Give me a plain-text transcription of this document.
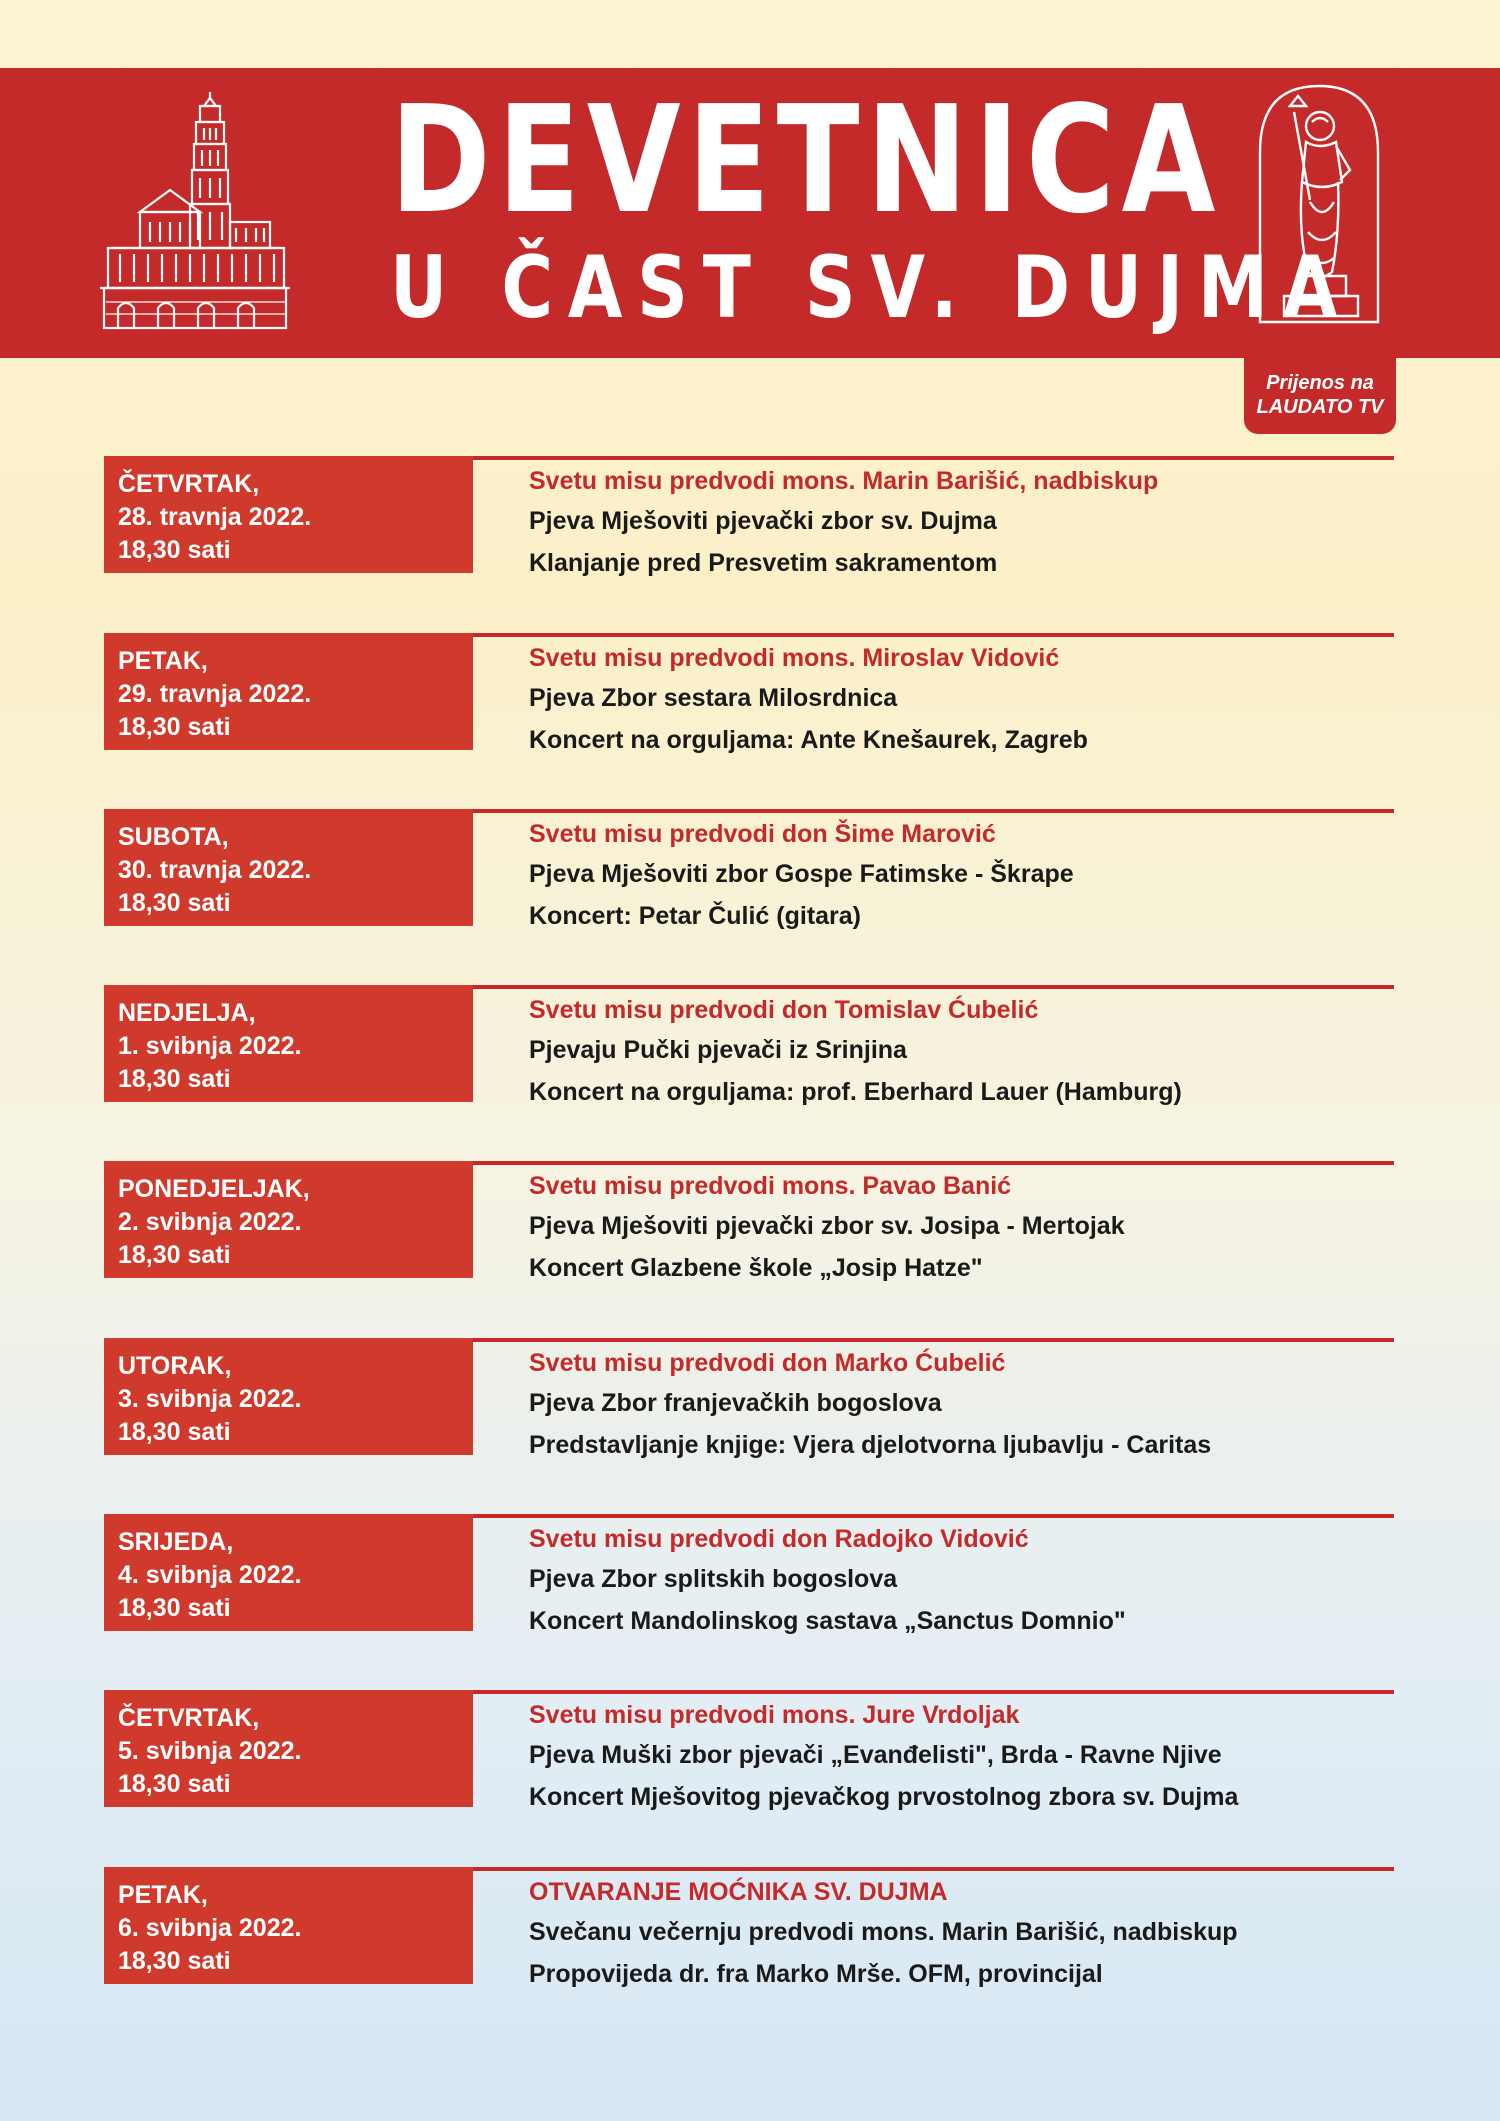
DEVETNICA
U ČAST SV. DUJMA
Prijenos na
LAUDATO TV
ČETVRTAK,
28. travnja 2022.
18,30 sati
Svetu misu predvodi mons. Marin Barišić, nadbiskup
Pjeva Mješoviti pjevački zbor sv. Dujma
Klanjanje pred Presvetim sakramentom
PETAK,
29. travnja 2022.
18,30 sati
Svetu misu predvodi mons. Miroslav Vidović
Pjeva Zbor sestara Milosrdnica
Koncert na orguljama: Ante Knešaurek, Zagreb
SUBOTA,
30. travnja 2022.
18,30 sati
Svetu misu predvodi don Šime Marović
Pjeva Mješoviti zbor Gospe Fatimske - Škrape
Koncert: Petar Čulić (gitara)
NEDJELJA,
1. svibnja 2022.
18,30 sati
Svetu misu predvodi don Tomislav Ćubelić
Pjevaju Pučki pjevači iz Srinjina
Koncert na orguljama: prof. Eberhard Lauer (Hamburg)
PONEDJELJAK,
2. svibnja 2022.
18,30 sati
Svetu misu predvodi mons. Pavao Banić
Pjeva Mješoviti pjevački zbor sv. Josipa - Mertojak
Koncert Glazbene škole „Josip Hatze"
UTORAK,
3. svibnja 2022.
18,30 sati
Svetu misu predvodi don Marko Ćubelić
Pjeva Zbor franjevačkih bogoslova
Predstavljanje knjige: Vjera djelotvorna ljubavlju - Caritas
SRIJEDA,
4. svibnja 2022.
18,30 sati
Svetu misu predvodi don Radojko Vidović
Pjeva Zbor splitskih bogoslova
Koncert Mandolinskog sastava „Sanctus Domnio"
ČETVRTAK,
5. svibnja 2022.
18,30 sati
Svetu misu predvodi mons. Jure Vrdoljak
Pjeva Muški zbor pjevači „Evanđelisti", Brda - Ravne Njive
Koncert Mješovitog pjevačkog prvostolnog zbora sv. Dujma
PETAK,
6. svibnja 2022.
18,30 sati
OTVARANJE MOĆNIKA SV. DUJMA
Svečanu večernju predvodi mons. Marin Barišić, nadbiskup
Propovijeda dr. fra Marko Mrše. OFM, provincijal
